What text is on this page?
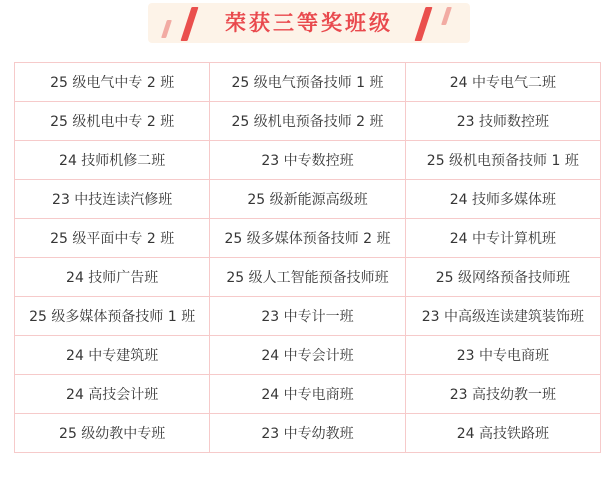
荣获三等奖班级
25 级电气中专 2 班	25 级电气预备技师 1 班	24 中专电气二班
25 级机电中专 2 班	25 级机电预备技师 2 班	23 技师数控班
24 技师机修二班	23 中专数控班	25 级机电预备技师 1 班
23 中技连读汽修班	25 级新能源高级班	24 技师多媒体班
25 级平面中专 2 班	25 级多媒体预备技师 2 班	24 中专计算机班
24 技师广告班	25 级人工智能预备技师班	25 级网络预备技师班
25 级多媒体预备技师 1 班	23 中专计一班	23 中高级连读建筑装饰班
24 中专建筑班	24 中专会计班	23 中专电商班
24 高技会计班	24 中专电商班	23 高技幼教一班
25 级幼教中专班	23 中专幼教班	24 高技铁路班
